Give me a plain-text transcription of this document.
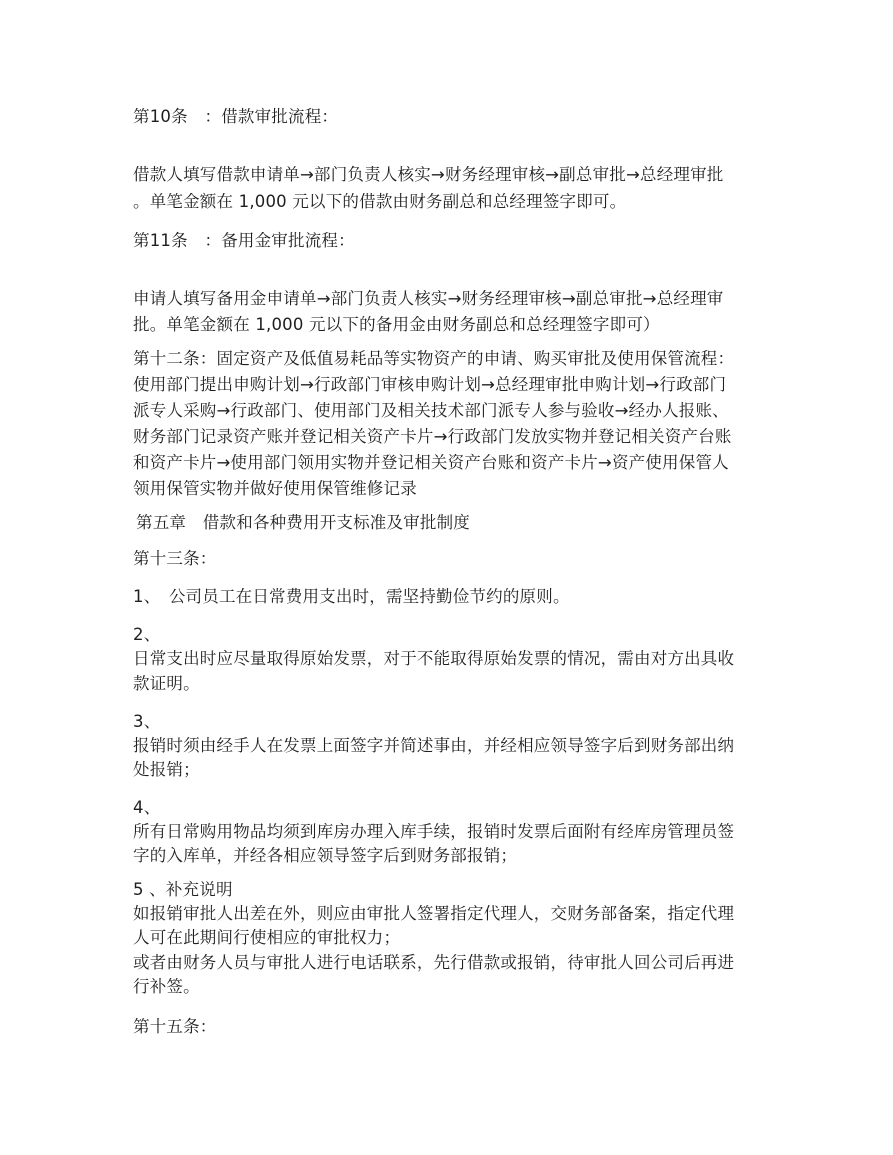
第10条　：借款审批流程：
借款人填写借款申请单→部门负责人核实→财务经理审核→副总审批→总经理审批
。单笔金额在 1,000 元以下的借款由财务副总和总经理签字即可。
第11条　：备用金审批流程：
申请人填写备用金申请单→部门负责人核实→财务经理审核→副总审批→总经理审
批。单笔金额在 1,000 元以下的备用金由财务副总和总经理签字即可）
第十二条：固定资产及低值易耗品等实物资产的申请、购买审批及使用保管流程：
使用部门提出申购计划→行政部门审核申购计划→总经理审批申购计划→行政部门
派专人采购→行政部门、使用部门及相关技术部门派专人参与验收→经办人报账、
财务部门记录资产账并登记相关资产卡片→行政部门发放实物并登记相关资产台账
和资产卡片→使用部门领用实物并登记相关资产台账和资产卡片→资产使用保管人
领用保管实物并做好使用保管维修记录
第五章　借款和各种费用开支标准及审批制度
第十三条：
1、　公司员工在日常费用支出时，需坚持勤俭节约的原则。
2、
日常支出时应尽量取得原始发票，对于不能取得原始发票的情况，需由对方出具收
款证明。
3、
报销时须由经手人在发票上面签字并简述事由，并经相应领导签字后到财务部出纳
处报销；
4、
所有日常购用物品均须到库房办理入库手续，报销时发票后面附有经库房管理员签
字的入库单，并经各相应领导签字后到财务部报销；
5 、补充说明
如报销审批人出差在外，则应由审批人签署指定代理人，交财务部备案，指定代理
人可在此期间行使相应的审批权力；
或者由财务人员与审批人进行电话联系，先行借款或报销，待审批人回公司后再进
行补签。
第十五条：
